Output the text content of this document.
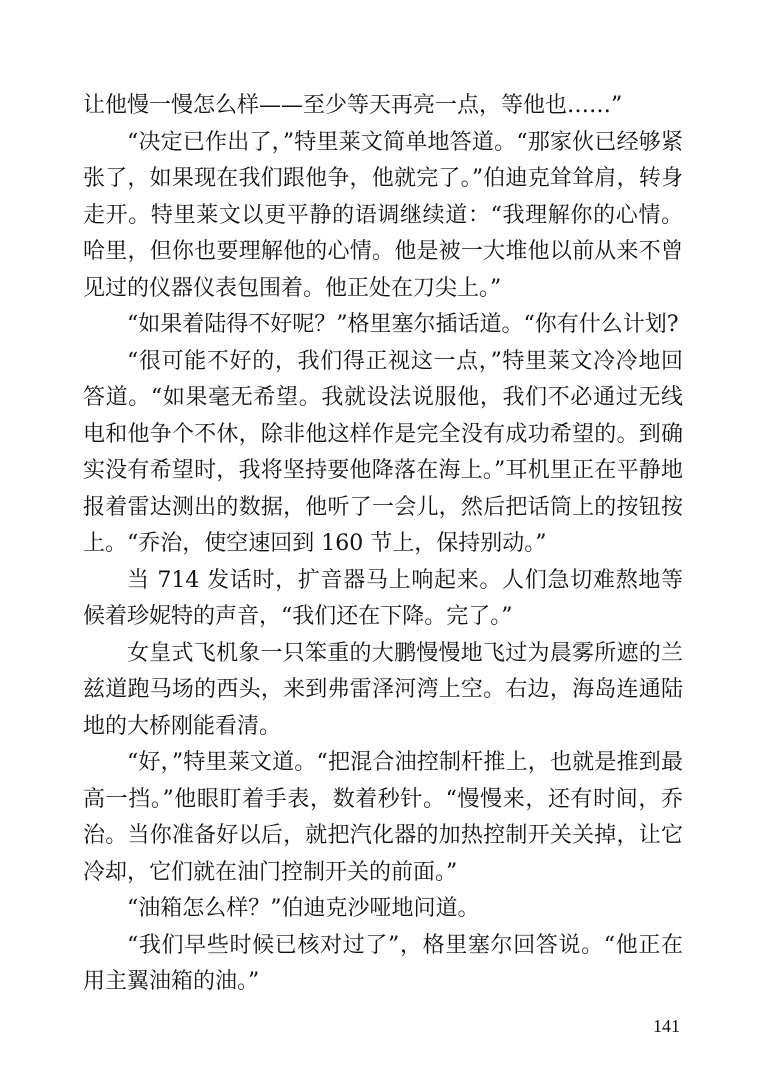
让他慢一慢怎么样——至少等天再亮一点，等他也……”

“决定已作出了，”特里莱文简单地答道。“那家伙已经够紧张了，如果现在我们跟他争，他就完了。”伯迪克耸耸肩，转身走开。特里莱文以更平静的语调继续道：“我理解你的心情。哈里，但你也要理解他的心情。他是被一大堆他以前从来不曾见过的仪器仪表包围着。他正处在刀尖上。”

“如果着陆得不好呢？”格里塞尔插话道。“你有什么计划?

“很可能不好的，我们得正视这一点，”特里莱文冷冷地回答道。“如果毫无希望。我就设法说服他，我们不必通过无线电和他争个不休，除非他这样作是完全没有成功希望的。到确实没有希望时，我将坚持要他降落在海上。”耳机里正在平静地报着雷达测出的数据，他听了一会儿，然后把话筒上的按钮按上。“乔治，使空速回到 160 节上，保持别动。”

当 714 发话时，扩音器马上响起来。人们急切难熬地等候着珍妮特的声音，“我们还在下降。完了。”

女皇式飞机象一只笨重的大鹏慢慢地飞过为晨雾所遮的兰兹道跑马场的西头，来到弗雷泽河湾上空。右边，海岛连通陆地的大桥刚能看清。

“好，”特里莱文道。“把混合油控制杆推上，也就是推到最高一挡。”他眼盯着手表，数着秒针。“慢慢来，还有时间，乔治。当你准备好以后，就把汽化器的加热控制开关关掉，让它冷却，它们就在油门控制开关的前面。”

“油箱怎么样？”伯迪克沙哑地问道。

“我们早些时候已核对过了”，格里塞尔回答说。“他正在用主翼油箱的油。”

141
